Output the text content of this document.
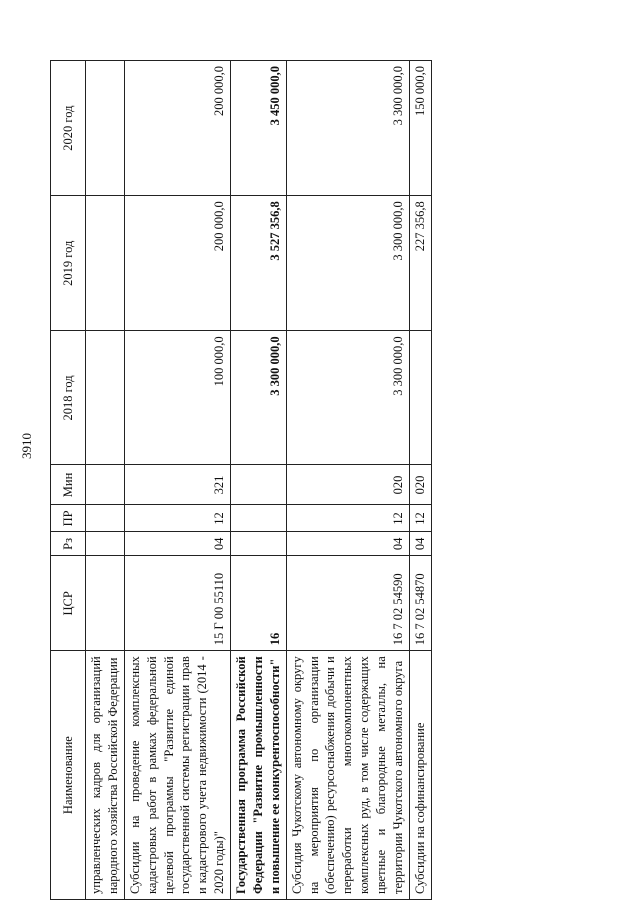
3910
Наименование	ЦСР	Рз	ПР	Мин	2018 год	2019 год	2020 год
управленческих кадров для организаций народного хозяйства Российской Федерации							
Субсидии на проведение комплексных кадастровых работ в рамках федеральной целевой программы "Развитие единой государственной системы регистрации прав и кадастрового учета недвижимости (2014 - 2020 годы)"	15 Г 00 55110	04	12	321	100 000,0	200 000,0	200 000,0
Государственная программа Российской Федерации "Развитие промышленности и повышение ее конкурентоспособности"	16				3 300 000,0	3 527 356,8	3 450 000,0
Субсидия Чукотскому автономному округу на мероприятия по организации (обеспечению) ресурсоснабжения добычи и переработки многокомпонентных комплексных руд, в том числе содержащих цветные и благородные металлы, на территории Чукотского автономного округа	16 7 02 54590	04	12	020	3 300 000,0	3 300 000,0	3 300 000,0
Субсидии на софинансирование	16 7 02 54870	04	12	020		227 356,8	150 000,0
